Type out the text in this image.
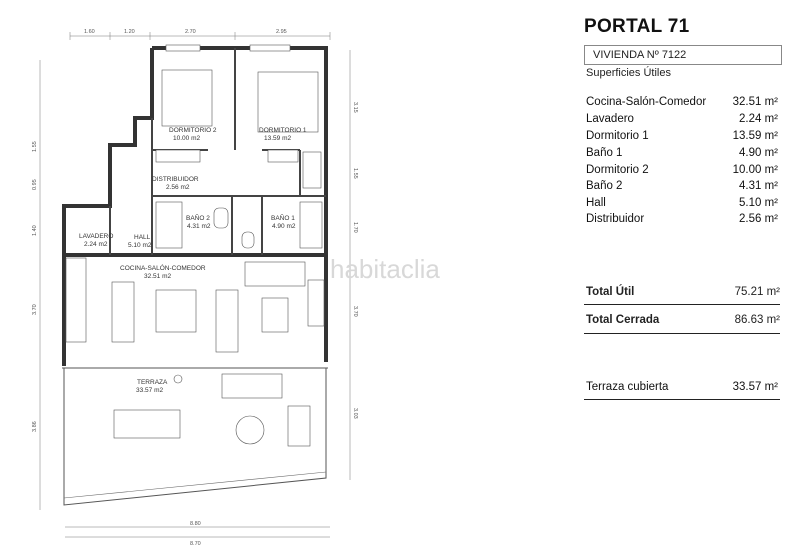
1.60	1.20	2.70	2.95
1.55
0.95
1.40
3.70
3.86
3.15
1.55
1.70
3.70
3.03
8.80
8.70
habitaclia
DORMITORIO 2
10.00 m2
DORMITORIO 1
13.59 m2
DISTRIBUIDOR
2.56 m2
BAÑO 2
4.31 m2
BAÑO 1
4.90 m2
LAVADERO
2.24 m2
HALL
5.10 m2
COCINA-SALÓN-COMEDOR
32.51 m2
TERRAZA
33.57 m2
PORTAL 71
VIVIENDA Nº 7122
Superficies Útiles
Cocina-Salón-Comedor 32.51 m²
Lavadero	2.24 m²
Dormitorio 1	13.59 m²
Baño 1	4.90 m²
Dormitorio 2	10.00 m²
Baño 2	4.31 m²
Hall	5.10 m²
Distribuidor	2.56 m²
Total Útil	75.21 m²
Total Cerrada	86.63 m²
Terraza cubierta	33.57 m²
